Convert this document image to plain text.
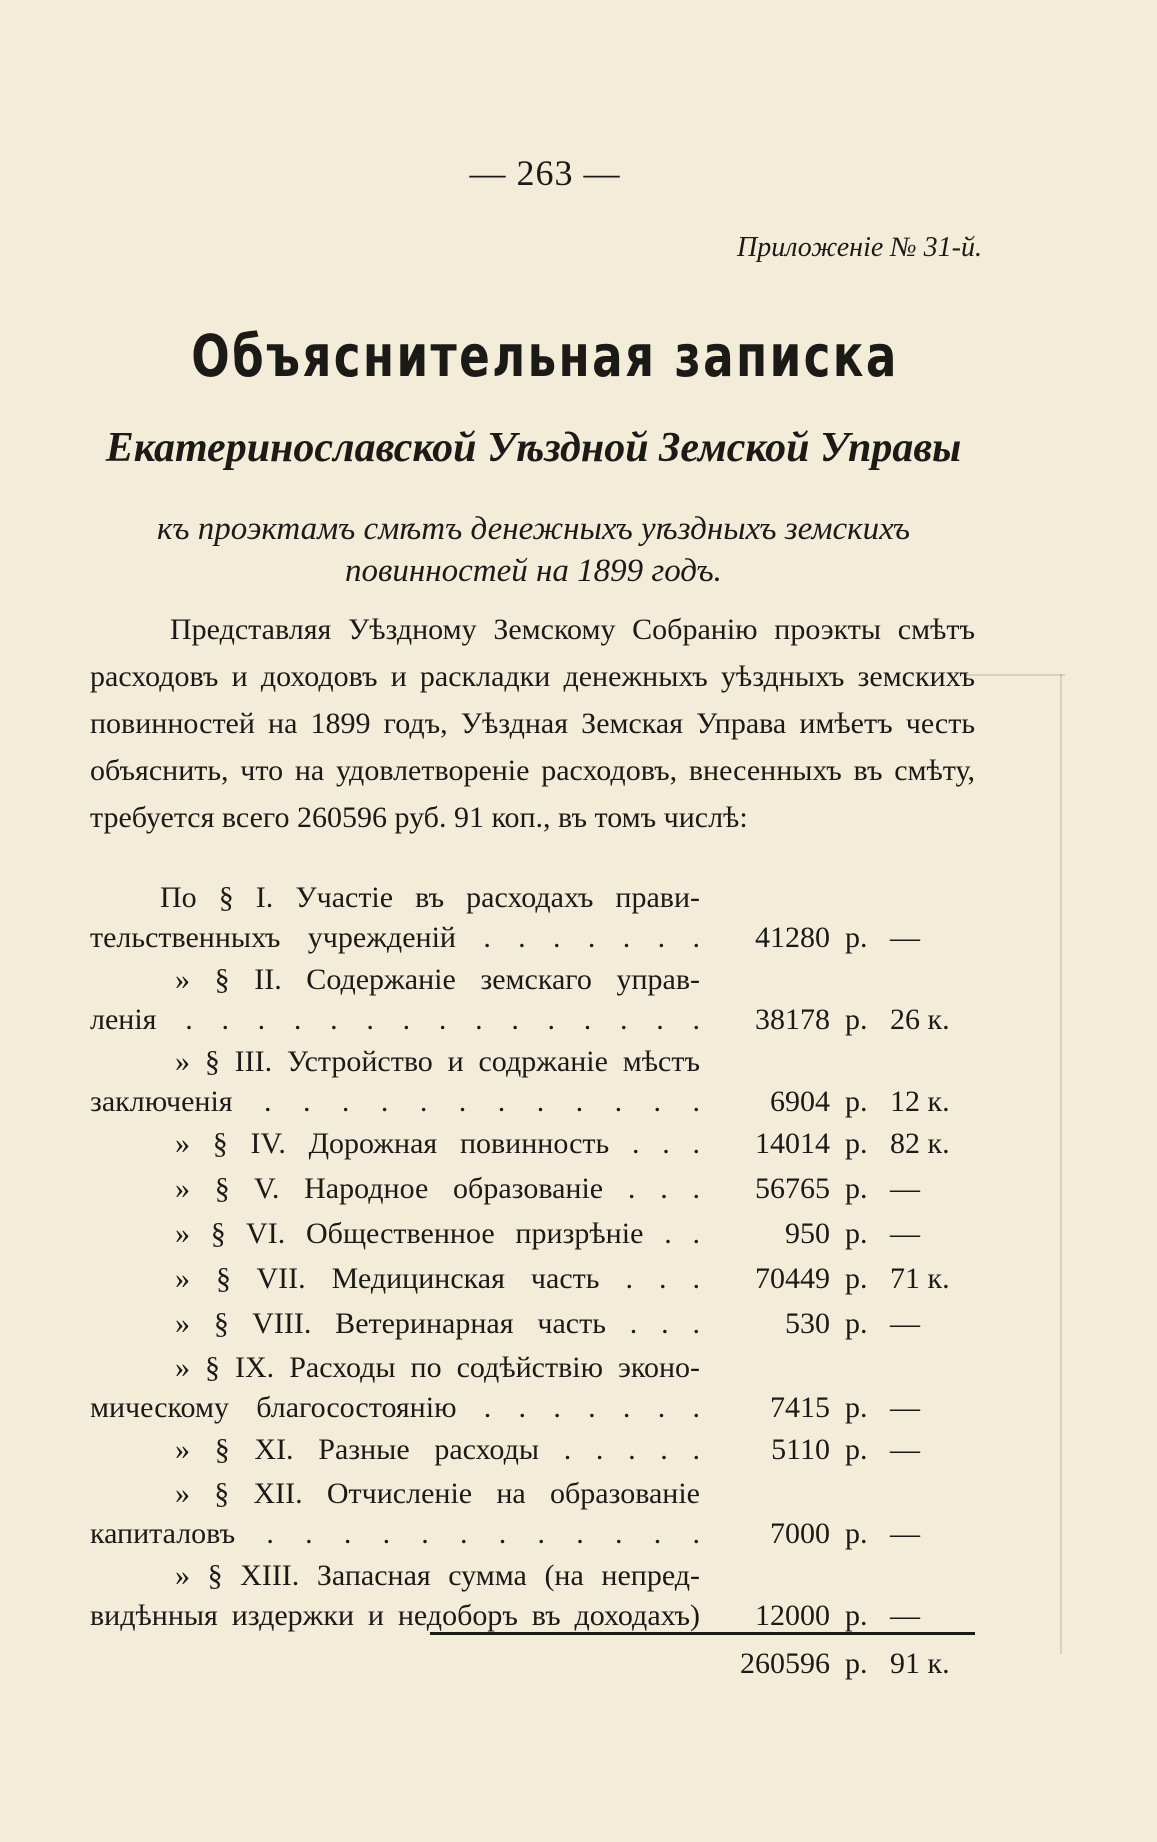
— 263 —
Приложеніе № 31-й.
Объяснительная записка
Екатеринославской Уѣздной Земской Управы
къ проэктамъ смѣтъ денежныхъ уѣздныхъ земскихъ
повинностей на 1899 годъ.
Представляя Уѣздному Земскому Собранію проэкты смѣтъ расходовъ и доходовъ и раскладки денежныхъ уѣздныхъ земскихъ повинностей на 1899 годъ, Уѣздная Земская Управа имѣетъ честь объяснить, что на удовлетвореніе расходовъ, внесенныхъ въ смѣту, требуется всего 260596 руб. 91 коп., въ томъ числѣ:
По § I. Участіе въ расходахъ прави-
тельственныхъ учрежденій . . . . . . .	41280 р. —
» § II. Содержаніе земскаго управ-
ленія . . . . . . . . . . . . . . .	38178 р. 26 к.
» § III. Устройство и содржаніе мѣстъ
заключенія . . . . . . . . . . . .	6904 р. 12 к.
» § IV. Дорожная повинность . . .	14014 р. 82 к.
» § V. Народное образованіе . . .	56765 р. —
» § VI. Общественное призрѣніе . .	950 р. —
» § VII. Медицинская часть . . .	70449 р. 71 к.
» § VIII. Ветеринарная часть . . .	530 р. —
» § IX. Расходы по содѣйствію эконо-
мическому благосостоянію . . . . . . .	7415 р. —
» § XI. Разные расходы . . . . .	5110 р. —
» § XII. Отчисленіе на образованіе
капиталовъ . . . . . . . . . . . .	7000 р. —
» § XIII. Запасная сумма (на непред-
видѣнныя издержки и недоборъ въ доходахъ)	12000 р. —
260596 р. 91 к.
